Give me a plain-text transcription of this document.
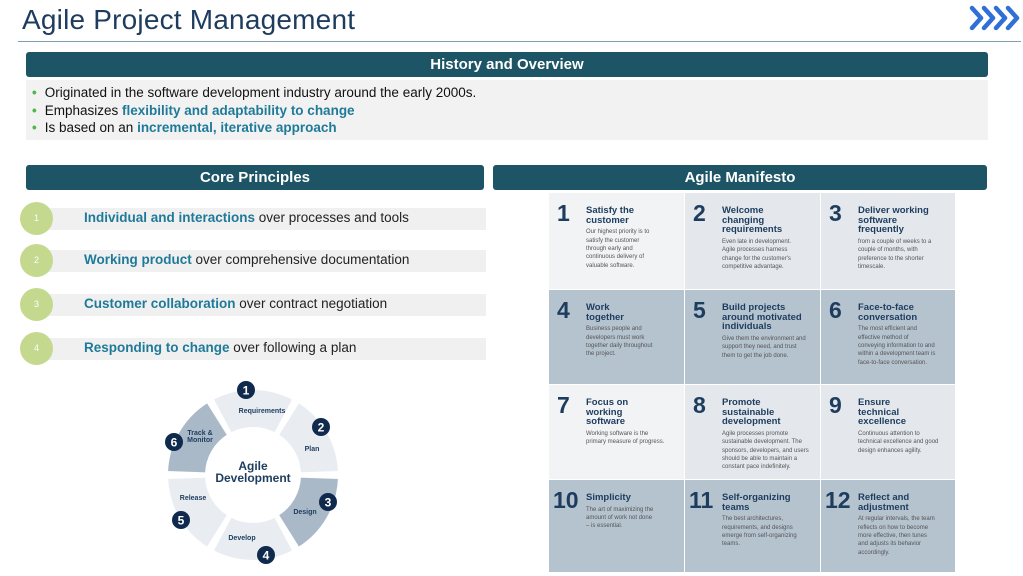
Agile Project Management
History and Overview
• Originated in the software development industry around the early 2000s.
• Emphasizes flexibility and adaptability to change
• Is based on an incremental, iterative approach
Core Principles
1	Individual and interactions over processes and tools
2	Working product over comprehensive documentation
3	Customer collaboration over contract negotiation
4	Responding to change over following a plan
Agile
Development
Requirements
Plan
Design
Develop
Release
Track &
Monitor
1
2
3
4
5
6
Agile Manifesto
1 Satisfy the
customer
Our highest priority is to
satisfy the customer
through early and
continuous delivery of
valuable software.
2 Welcome
changing
requirements
Even late in development.
Agile processes harness
change for the customer's
competitive advantage.
3 Deliver working
software
frequently
from a couple of weeks to a
couple of months, with
preference to the shorter
timescale.
4 Work
together
Business people and
developers must work
together daily throughout
the project.
5 Build projects
around motivated
individuals
Give them the environment and
support they need, and trust
them to get the job done.
6 Face-to-face
conversation
The most efficient and
effective method of
conveying information to and
within a development team is
face-to-face conversation.
7 Focus on
working
software
Working software is the
primary measure of progress.
8 Promote
sustainable
development
Agile processes promote
sustainable development. The
sponsors, developers, and users
should be able to maintain a
constant pace indefinitely.
9 Ensure
technical
excellence
Continuous attention to
technical excellence and good
design enhances agility.
10 Simplicity
The art of maximizing the
amount of work not done
– is essential.
11 Self-organizing
teams
The best architectures,
requirements, and designs
emerge from self-organizing
teams.
12 Reflect and
adjustment
At regular intervals, the team
reflects on how to become
more effective, then tunes
and adjusts its behavior
accordingly.
